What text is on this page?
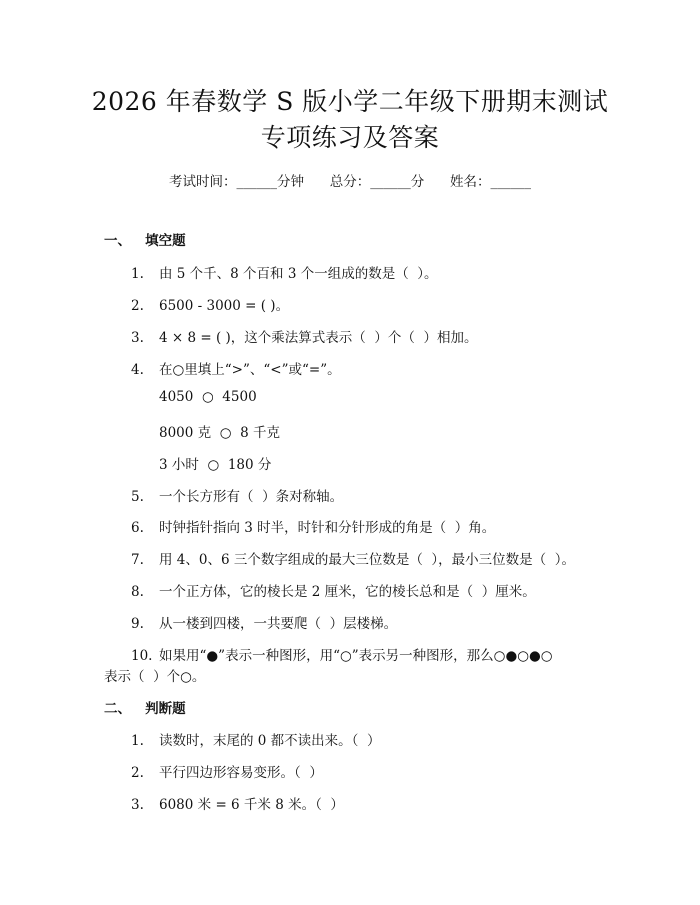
2026 年春数学 S 版小学二年级下册期末测试
专项练习及答案
考试时间：______分钟      总分：______分      姓名：______
一、   填空题
1. 由 5 个千、8 个百和 3 个一组成的数是（  ）。
2. 6500 - 3000 = ( )。
3. 4 × 8 = ( )，这个乘法算式表示（  ）个（  ）相加。
4. 在○里填上“>”、“<”或“=”。
4050  ○  4500
8000 克  ○  8 千克
3 小时  ○  180 分
5. 一个长方形有（  ）条对称轴。
6. 时钟指针指向 3 时半，时针和分针形成的角是（  ）角。
7. 用 4、0、6 三个数字组成的最大三位数是（  ），最小三位数是（  ）。
8. 一个正方体，它的棱长是 2 厘米，它的棱长总和是（  ）厘米。
9. 从一楼到四楼，一共要爬（  ）层楼梯。
10. 如果用“●”表示一种图形，用“○”表示另一种图形，那么○●○●○
表示（  ）个○。
二、   判断题
1. 读数时，末尾的 0 都不读出来。（  ）
2. 平行四边形容易变形。（  ）
3. 6080 米 = 6 千米 8 米。（  ）
